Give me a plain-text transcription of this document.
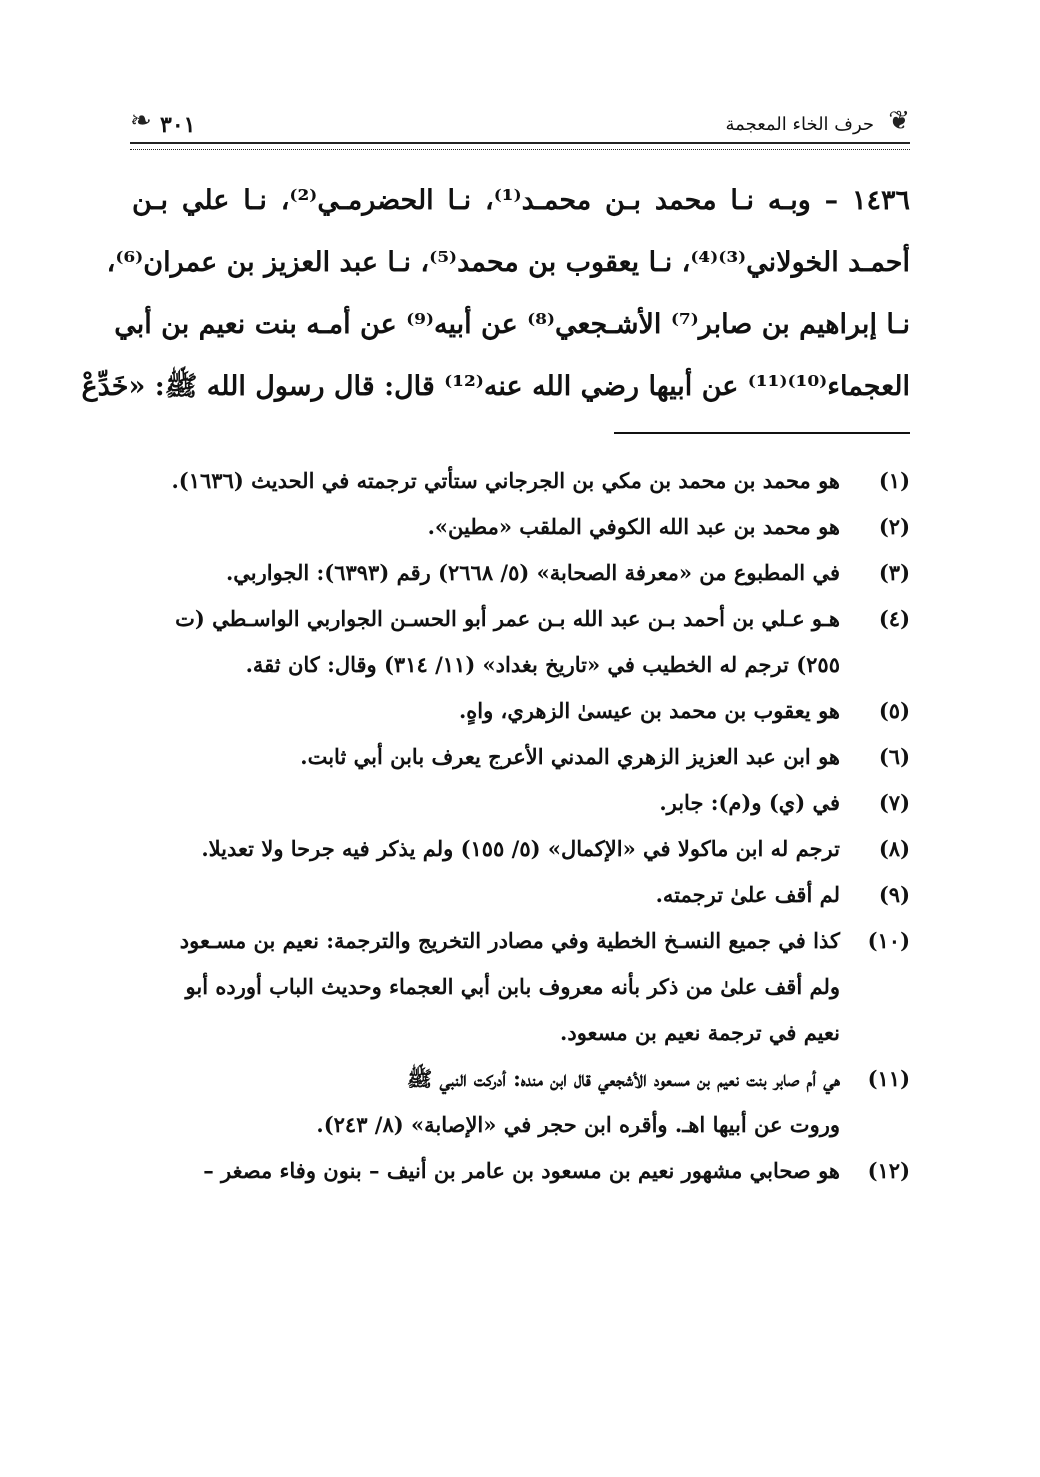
❦
حرف الخاء المعجمة
٣٠١
❧
١٤٣٦ – وبـه نـا محمد بـن محمـد⁽¹⁾، نـا الحضرمـي⁽²⁾، نـا علي بـن
أحمـد الخولاني⁽³⁾⁽⁴⁾، نـا يعقوب بن محمد⁽⁵⁾، نـا عبد العزيز بن عمران⁽⁶⁾،
نـا إبراهيم بن صابر⁽⁷⁾ الأشـجعي⁽⁸⁾ عن أبيه⁽⁹⁾ عن أمـه بنت نعيم بن أبي
العجماء⁽¹⁰⁾⁽¹¹⁾ عن أبيها رضي الله عنه⁽¹²⁾ قال: قال رسول الله ﷺ: «خَدِّعْ
(١)
هو محمد بن محمد بن مكي بن الجرجاني ستأتي ترجمته في الحديث (١٦٣٦).
(٢)
هو محمد بن عبد الله الكوفي الملقب «مطين».
(٣)
في المطبوع من «معرفة الصحابة» (٥/ ٢٦٦٨) رقم (٦٣٩٣): الجواربي.
(٤)
هـو عـلي بن أحمد بـن عبد الله بـن عمر أبو الحسـن الجواربي الواسـطي (ت
٢٥٥) ترجم له الخطيب في «تاريخ بغداد» (١١/ ٣١٤) وقال: كان ثقة.
(٥)
هو يعقوب بن محمد بن عيسىٰ الزهري، واهٍ.
(٦)
هو ابن عبد العزيز الزهري المدني الأعرج يعرف بابن أبي ثابت.
(٧)
في (ي) و(م): جابر.
(٨)
ترجم له ابن ماكولا في «الإكمال» (٥/ ١٥٥) ولم يذكر فيه جرحا ولا تعديلا.
(٩)
لم أقف علىٰ ترجمته.
(١٠)
كذا في جميع النسـخ الخطية وفي مصادر التخريج والترجمة: نعيم بن مسـعود
ولم أقف علىٰ من ذكر بأنه معروف بابن أبي العجماء وحديث الباب أورده أبو
نعيم في ترجمة نعيم بن مسعود.
(١١)
هي أم صابر بنت نعيم بن مسعود الأشجعي قال ابن منده: أدركت النبي ﷺ
وروت عن أبيها اهـ. وأقره ابن حجر في «الإصابة» (٨/ ٢٤٣).
(١٢)
هو صحابي مشهور نعيم بن مسعود بن عامر بن أنيف – بنون وفاء مصغر –
